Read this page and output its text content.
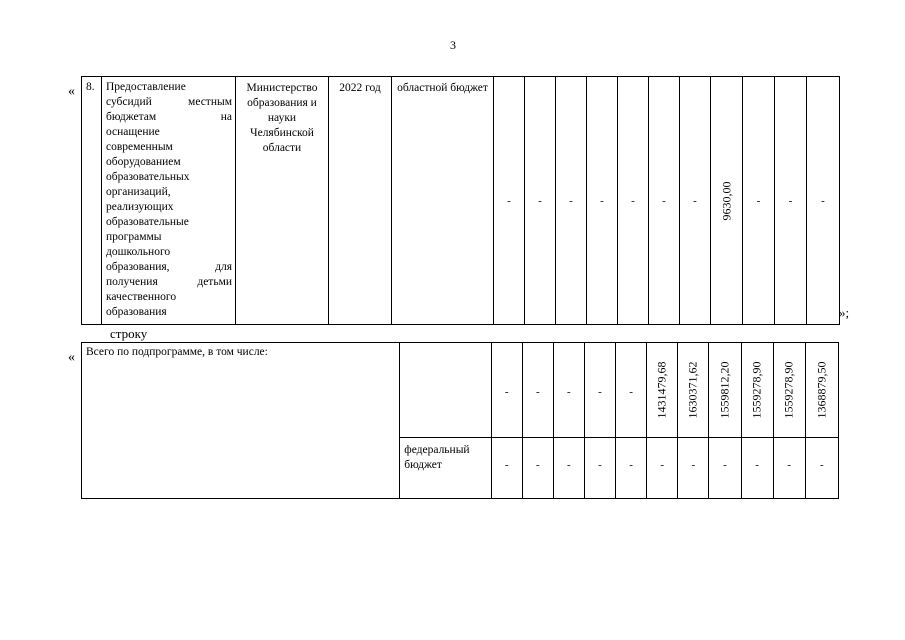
3
« 8.	Предоставление
субсидий местным
бюджетам на
оснащение
современным
оборудованием
образовательных
организаций,
реализующих
образовательные
программы
дошкольного
образования, для
получения детьми
качественного
образования
	Министерство образования и науки Челябинской области	2022 год	областной бюджет	
-	-	-	-	-	-	-	9630,00	-	-	-
»;
строку
« Всего по подпрограмме, в том числе:		-	-	-	-	-	1431479,68	1630371,62	1559812,20	1559278,90	1559278,90	1368879,50

	федеральный бюджет	-	-	-	-	-	-	-	-	-	-	-
